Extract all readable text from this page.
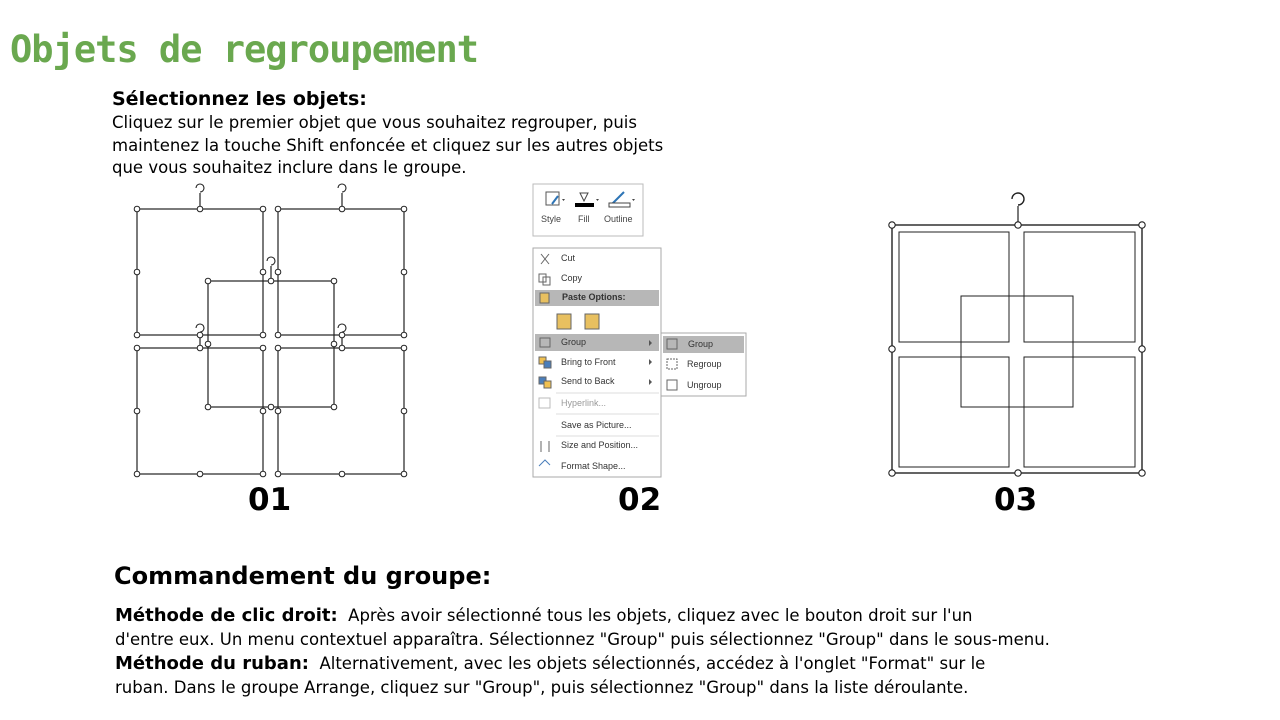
Objets de regroupement
Sélectionnez les objets:
Cliquez sur le premier objet que vous souhaitez regrouper, puis
maintenez la touche Shift enfoncée et cliquez sur les autres objets
que vous souhaitez inclure dans le groupe.
Style Fill Outline
Cut
Copy
Paste Options:
Group
Bring to Front
Send to Back
Hyperlink...
Save as Picture...
Size and Position...
Format Shape...
Group
Regroup
Ungroup
01	02	03
Commandement du groupe:
Méthode de clic droit: Après avoir sélectionné tous les objets, cliquez avec le bouton droit sur l'un
d'entre eux. Un menu contextuel apparaîtra. Sélectionnez "Group" puis sélectionnez "Group" dans le sous-menu.
Méthode du ruban: Alternativement, avec les objets sélectionnés, accédez à l'onglet "Format" sur le
ruban. Dans le groupe Arrange, cliquez sur "Group", puis sélectionnez "Group" dans la liste déroulante.
